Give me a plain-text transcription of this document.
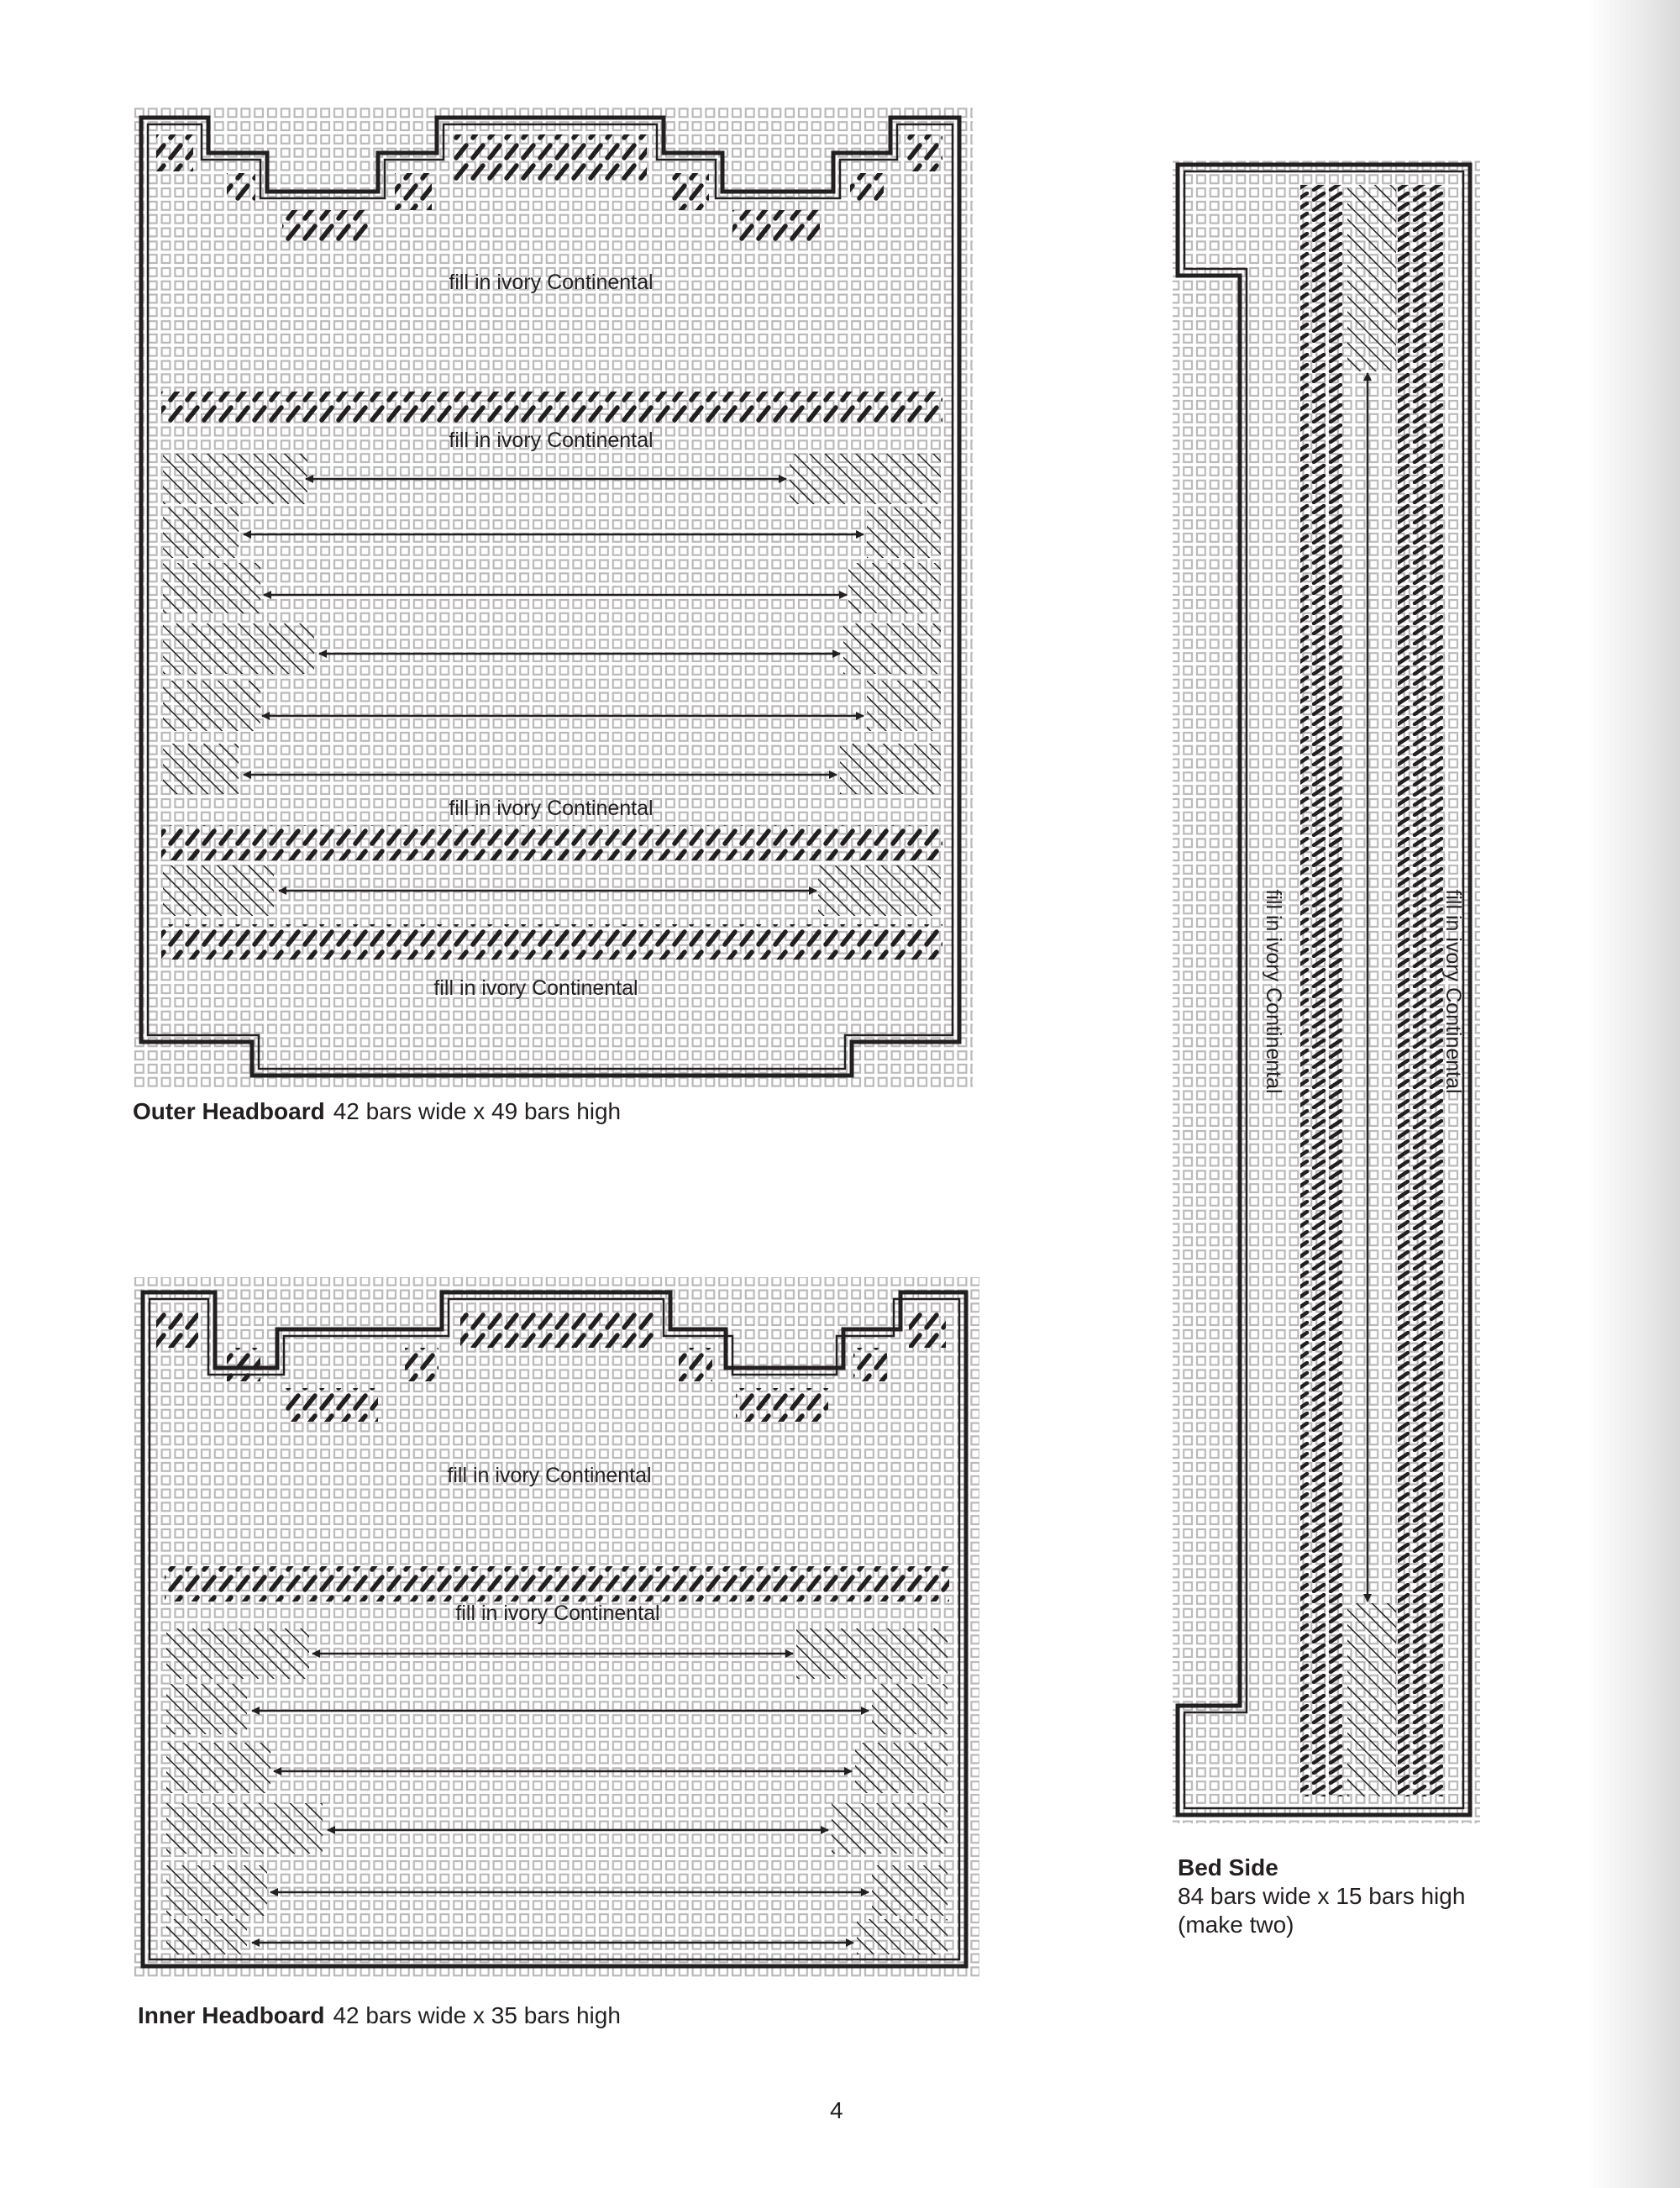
fill in ivory Continental
fill in ivory Continental
fill in ivory Continental
fill in ivory Continental
fill in ivory Continental
fill in ivory Continental
fill in ivory Continental	fill in ivory Continental
Outer Headboard 42 bars wide x 49 bars high
Inner Headboard 42 bars wide x 35 bars high
Bed Side
84 bars wide x 15 bars high
(make two)
4
